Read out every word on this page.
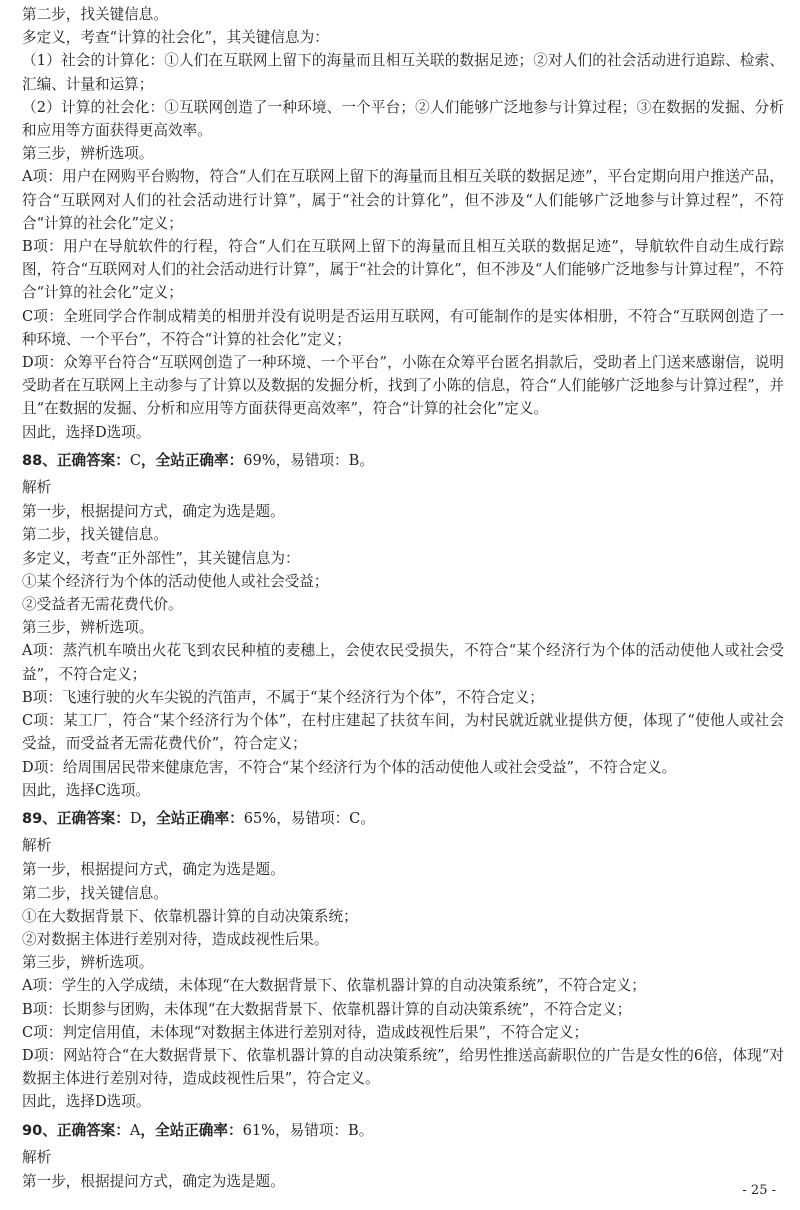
第二步，找关键信息。

多定义，考查“计算的社会化”，其关键信息为：

（1）社会的计算化：①人们在互联网上留下的海量而且相互关联的数据足迹；②对人们的社会活动进行追踪、检索、汇编、计量和运算；

（2）计算的社会化：①互联网创造了一种环境、一个平台；②人们能够广泛地参与计算过程；③在数据的发掘、分析和应用等方面获得更高效率。

第三步，辨析选项。

A项：用户在网购平台购物，符合“人们在互联网上留下的海量而且相互关联的数据足迹”，平台定期向用户推送产品，符合“互联网对人们的社会活动进行计算”，属于“社会的计算化”，但不涉及“人们能够广泛地参与计算过程”，不符合“计算的社会化”定义；

B项：用户在导航软件的行程，符合“人们在互联网上留下的海量而且相互关联的数据足迹”，导航软件自动生成行踪图，符合“互联网对人们的社会活动进行计算”，属于“社会的计算化”，但不涉及“人们能够广泛地参与计算过程”，不符合“计算的社会化”定义；

C项：全班同学合作制成精美的相册并没有说明是否运用互联网，有可能制作的是实体相册，不符合“互联网创造了一种环境、一个平台”，不符合“计算的社会化”定义；

D项：众筹平台符合“互联网创造了一种环境、一个平台”，小陈在众筹平台匿名捐款后，受助者上门送来感谢信，说明受助者在互联网上主动参与了计算以及数据的发掘分析，找到了小陈的信息，符合“人们能够广泛地参与计算过程”，并且“在数据的发掘、分析和应用等方面获得更高效率”，符合“计算的社会化”定义。

因此，选择D选项。

88、正确答案：C，全站正确率：69%，易错项：B。

解析

第一步，根据提问方式，确定为选是题。

第二步，找关键信息。

多定义，考查“正外部性”，其关键信息为：

①某个经济行为个体的活动使他人或社会受益；

②受益者无需花费代价。

第三步，辨析选项。

A项：蒸汽机车喷出火花飞到农民种植的麦穗上，会使农民受损失，不符合“某个经济行为个体的活动使他人或社会受益”，不符合定义；

B项：飞速行驶的火车尖锐的汽笛声，不属于“某个经济行为个体”，不符合定义；

C项：某工厂，符合“某个经济行为个体”，在村庄建起了扶贫车间，为村民就近就业提供方便，体现了“使他人或社会受益，而受益者无需花费代价”，符合定义；

D项：给周围居民带来健康危害，不符合“某个经济行为个体的活动使他人或社会受益”，不符合定义。

因此，选择C选项。

89、正确答案：D，全站正确率：65%，易错项：C。

解析

第一步，根据提问方式，确定为选是题。

第二步，找关键信息。

①在大数据背景下、依靠机器计算的自动决策系统；

②对数据主体进行差别对待，造成歧视性后果。

第三步，辨析选项。

A项：学生的入学成绩，未体现“在大数据背景下、依靠机器计算的自动决策系统”，不符合定义；

B项：长期参与团购，未体现“在大数据背景下、依靠机器计算的自动决策系统”，不符合定义；

C项：判定信用值，未体现“对数据主体进行差别对待，造成歧视性后果”，不符合定义；

D项：网站符合“在大数据背景下、依靠机器计算的自动决策系统”，给男性推送高薪职位的广告是女性的6倍，体现“对数据主体进行差别对待，造成歧视性后果”，符合定义。

因此，选择D选项。

90、正确答案：A，全站正确率：61%，易错项：B。

解析

第一步，根据提问方式，确定为选是题。

- 25 -
